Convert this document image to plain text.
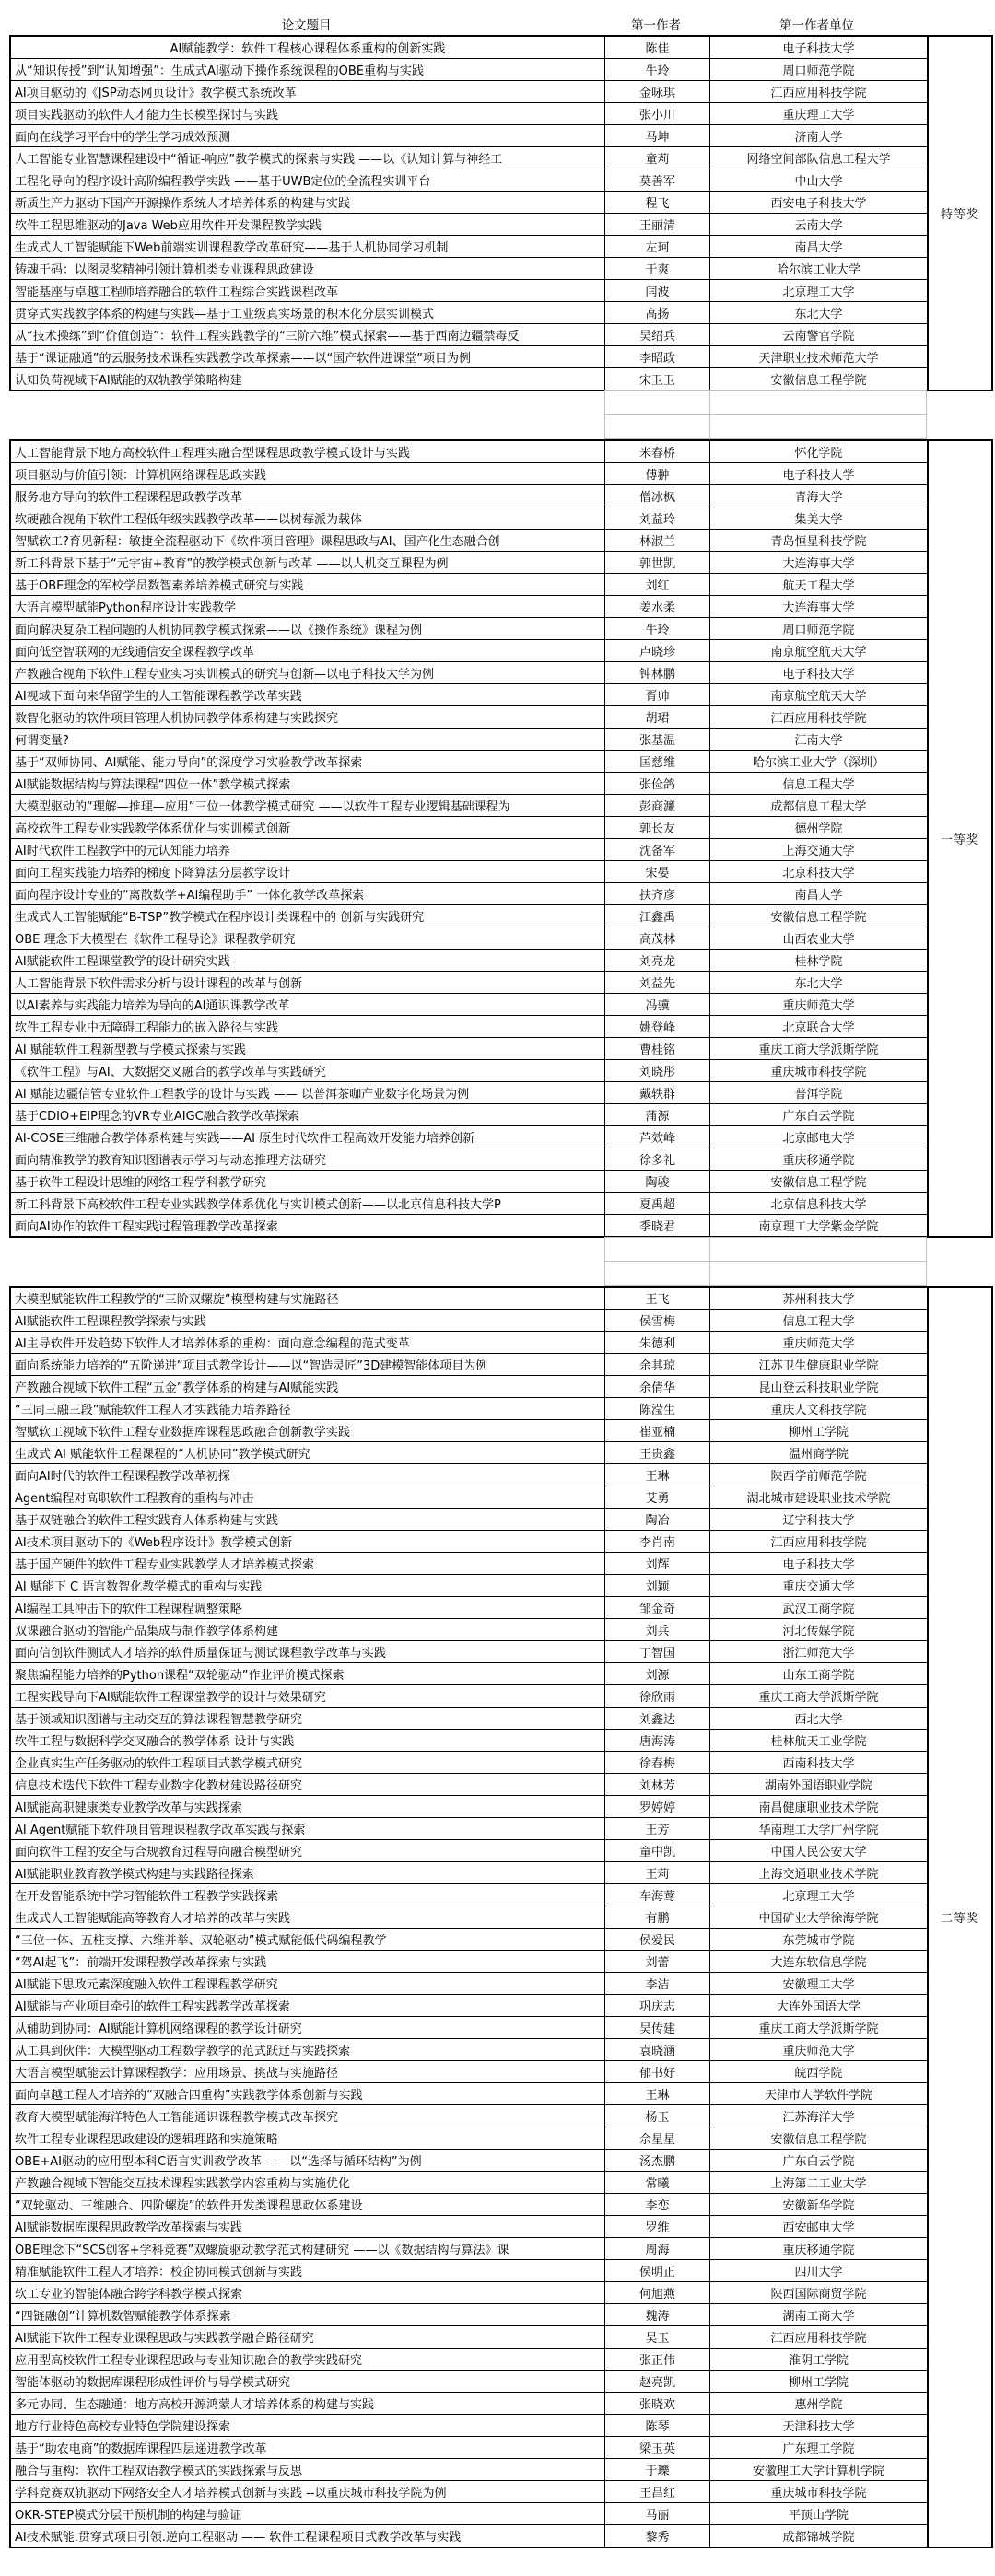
论文题目	第一作者	第一作者单位
AI赋能教学：软件工程核心课程体系重构的创新实践	陈佳	电子科技大学
从“知识传授”到“认知增强”：生成式AI驱动下操作系统课程的OBE重构与实践	牛玲	周口师范学院
AI项目驱动的《JSP动态网页设计》教学模式系统改革	金咏琪	江西应用科技学院
项目实践驱动的软件人才能力生长模型探讨与实践	张小川	重庆理工大学
面向在线学习平台中的学生学习成效预测	马坤	济南大学
人工智能专业智慧课程建设中“循证-响应”教学模式的探索与实践 ——以《认知计算与神经工	童莉	网络空间部队信息工程大学
工程化导向的程序设计高阶编程教学实践 ——基于UWB定位的全流程实训平台	莫善军	中山大学
新质生产力驱动下国产开源操作系统人才培养体系的构建与实践	程飞	西安电子科技大学
软件工程思维驱动的Java Web应用软件开发课程教学实践	王丽清	云南大学
生成式人工智能赋能下Web前端实训课程教学改革研究——基于人机协同学习机制	左珂	南昌大学
铸魂于码：以图灵奖精神引领计算机类专业课程思政建设	于爽	哈尔滨工业大学
智能基座与卓越工程师培养融合的软件工程综合实践课程改革	闫波	北京理工大学
贯穿式实践教学体系的构建与实践—基于工业级真实场景的积木化分层实训模式	高扬	东北大学
从“技术操练”到“价值创造”：软件工程实践教学的“三阶六维”模式探索——基于西南边疆禁毒反	吴绍兵	云南警官学院
基于“课证融通”的云服务技术课程实践教学改革探索——以“国产软件进课堂”项目为例	李昭政	天津职业技术师范大学
认知负荷视域下AI赋能的双轨教学策略构建	宋卫卫	安徽信息工程学院
特等奖
人工智能背景下地方高校软件工程理实融合型课程思政教学模式设计与实践	米春桥	怀化学院
项目驱动与价值引领：计算机网络课程思政实践	傅翀	电子科技大学
服务地方导向的软件工程课程思政教学改革	僧冰枫	青海大学
软硬融合视角下软件工程低年级实践教学改革——以树莓派为载体	刘益玲	集美大学
智赋软工?育见新程：敏捷全流程驱动下《软件项目管理》课程思政与AI、国产化生态融合创	林淑兰	青岛恒星科技学院
新工科背景下基于“元宇宙+教育”的教学模式创新与改革 ——以人机交互课程为例	郭世凯	大连海事大学
基于OBE理念的军校学员数智素养培养模式研究与实践	刘红	航天工程大学
大语言模型赋能Python程序设计实践教学	姜水柔	大连海事大学
面向解决复杂工程问题的人机协同教学模式探索——以《操作系统》课程为例	牛玲	周口师范学院
面向低空智联网的无线通信安全课程教学改革	卢晓珍	南京航空航天大学
产教融合视角下软件工程专业实习实训模式的研究与创新—以电子科技大学为例	钟林鹏	电子科技大学
AI视域下面向来华留学生的人工智能课程教学改革实践	胥帅	南京航空航天大学
数智化驱动的软件项目管理人机协同教学体系构建与实践探究	胡珺	江西应用科技学院
何谓变量?	张基温	江南大学
基于“双师协同、AI赋能、能力导向”的深度学习实验教学改革探索	匡慈维	哈尔滨工业大学（深圳）
AI赋能数据结构与算法课程“四位一体”教学模式探索	张俭鸽	信息工程大学
大模型驱动的“理解—推理—应用”三位一体教学模式研究 ——以软件工程专业逻辑基础课程为	彭商濂	成都信息工程大学
高校软件工程专业实践教学体系优化与实训模式创新	郭长友	德州学院
AI时代软件工程教学中的元认知能力培养	沈备军	上海交通大学
面向工程实践能力培养的梯度下降算法分层教学设计	宋晏	北京科技大学
面向程序设计专业的“离散数学+AI编程助手” 一体化教学改革探索	扶齐彦	南昌大学
生成式人工智能赋能“B-TSP”教学模式在程序设计类课程中的 创新与实践研究	江鑫禹	安徽信息工程学院
OBE 理念下大模型在《软件工程导论》课程教学研究	高茂林	山西农业大学
AI赋能软件工程课堂教学的设计研究实践	刘亮龙	桂林学院
人工智能背景下软件需求分析与设计课程的改革与创新	刘益先	东北大学
以AI素养与实践能力培养为导向的AI通识课教学改革	冯骥	重庆师范大学
软件工程专业中无障碍工程能力的嵌入路径与实践	姚登峰	北京联合大学
AI 赋能软件工程新型教与学模式探索与实践	曹桂铭	重庆工商大学派斯学院
《软件工程》与AI、大数据交叉融合的教学改革与实践研究	刘晓彤	重庆城市科技学院
AI 赋能边疆信管专业软件工程教学的设计与实践 —— 以普洱茶咖产业数字化场景为例	戴轶群	普洱学院
基于CDIO+EIP理念的VR专业AIGC融合教学改革探索	蒲源	广东白云学院
AI-COSE三维融合教学体系构建与实践——AI 原生时代软件工程高效开发能力培养创新	芦效峰	北京邮电大学
面向精准教学的教育知识图谱表示学习与动态推理方法研究	徐多礼	重庆移通学院
基于软件工程设计思维的网络工程学科教学研究	陶骏	安徽信息工程学院
新工科背景下高校软件工程专业实践教学体系优化与实训模式创新——以北京信息科技大学P	夏禹超	北京信息科技大学
面向AI协作的软件工程实践过程管理教学改革探索	季晓君	南京理工大学紫金学院
一等奖
大模型赋能软件工程教学的“三阶双螺旋”模型构建与实施路径	王飞	苏州科技大学
AI赋能软件工程课程教学探索与实践	侯雪梅	信息工程大学
AI主导软件开发趋势下软件人才培养体系的重构：面向意念编程的范式变革	朱德利	重庆师范大学
面向系统能力培养的“五阶递进”项目式教学设计——以“智造灵匠”3D建模智能体项目为例	余其琼	江苏卫生健康职业学院
产教融合视域下软件工程“五金”教学体系的构建与AI赋能实践	余倩华	昆山登云科技职业学院
“三同三融三段”赋能软件工程人才实践能力培养路径	陈滢生	重庆人文科技学院
智赋软工视域下软件工程专业数据库课程思政融合创新教学实践	崔亚楠	柳州工学院
生成式 AI 赋能软件工程课程的“人机协同”教学模式研究	王贵鑫	温州商学院
面向AI时代的软件工程课程教学改革初探	王琳	陕西学前师范学院
Agent编程对高职软件工程教育的重构与冲击	艾勇	湖北城市建设职业技术学院
基于双链融合的软件工程实践育人体系构建与实践	陶冶	辽宁科技大学
AI技术项目驱动下的《Web程序设计》教学模式创新	李肖南	江西应用科技学院
基于国产硬件的软件工程专业实践教学人才培养模式探索	刘辉	电子科技大学
AI 赋能下 C 语言数智化教学模式的重构与实践	刘颖	重庆交通大学
AI编程工具冲击下的软件工程课程调整策略	邹金奇	武汉工商学院
双课融合驱动的智能产品集成与制作教学体系构建	刘兵	河北传媒学院
面向信创软件测试人才培养的软件质量保证与测试课程教学改革与实践	丁智国	浙江师范大学
聚焦编程能力培养的Python课程“双轮驱动”作业评价模式探索	刘源	山东工商学院
工程实践导向下AI赋能软件工程课堂教学的设计与效果研究	徐欣雨	重庆工商大学派斯学院
基于领域知识图谱与主动交互的算法课程智慧教学研究	刘鑫达	西北大学
软件工程与数据科学交叉融合的教学体系 设计与实践	唐海涛	桂林航天工业学院
企业真实生产任务驱动的软件工程项目式教学模式研究	徐春梅	西南科技大学
信息技术迭代下软件工程专业数字化教材建设路径研究	刘林芳	湖南外国语职业学院
AI赋能高职健康类专业教学改革与实践探索	罗婷婷	南昌健康职业技术学院
AI Agent赋能下软件项目管理课程教学改革实践与探索	王芳	华南理工大学广州学院
面向软件工程的安全与合规教育过程导向融合模型研究	童中凯	中国人民公安大学
AI赋能职业教育教学模式构建与实践路径探索	王莉	上海交通职业技术学院
在开发智能系统中学习智能软件工程教学实践探索	车海莺	北京理工大学
生成式人工智能赋能高等教育人才培养的改革与实践	有鹏	中国矿业大学徐海学院
“三位一体、五柱支撑、六维并举、双轮驱动”模式赋能低代码编程教学	侯爱民	东莞城市学院
“驾AI起飞”：前端开发课程教学改革探索与实践	刘蕾	大连东软信息学院
AI赋能下思政元素深度融入软件工程课程教学研究	李洁	安徽理工大学
AI赋能与产业项目牵引的软件工程实践教学改革探索	巩庆志	大连外国语大学
从辅助到协同：AI赋能计算机网络课程的教学设计研究	吴传建	重庆工商大学派斯学院
从工具到伙伴：大模型驱动工程数学教学的范式跃迁与实践探索	袁晓涵	重庆师范大学
大语言模型赋能云计算课程教学：应用场景、挑战与实施路径	郁书好	皖西学院
面向卓越工程人才培养的“双融合四重构”实践教学体系创新与实践	王琳	天津市大学软件学院
教育大模型赋能海洋特色人工智能通识课程教学模式改革探究	杨玉	江苏海洋大学
软件工程专业课程思政建设的逻辑理路和实施策略	佘星星	安徽信息工程学院
OBE+AI驱动的应用型本科C语言实训教学改革 ——以“选择与循环结构”为例	汤杰鹏	广东白云学院
产教融合视域下智能交互技术课程实践教学内容重构与实施优化	常曦	上海第二工业大学
“双轮驱动、三维融合、四阶螺旋”的软件开发类课程思政体系建设	李恋	安徽新华学院
AI赋能数据库课程思政教学改革探索与实践	罗维	西安邮电大学
OBE理念下“SCS创客+学科竞赛”双螺旋驱动教学范式构建研究 ——以《数据结构与算法》课	周海	重庆移通学院
精准赋能软件工程人才培养：校企协同模式创新与实践	侯明正	四川大学
软工专业的智能体融合跨学科教学模式探索	何旭燕	陕西国际商贸学院
“四链融创”计算机数智赋能教学体系探索	魏涛	湖南工商大学
AI赋能下软件工程专业课程思政与实践教学融合路径研究	吴玉	江西应用科技学院
应用型高校软件工程专业课程思政与专业知识融合的教学实践研究	张正伟	淮阴工学院
智能体驱动的数据库课程形成性评价与导学模式研究	赵亮凯	柳州工学院
多元协同、生态融通：地方高校开源鸿蒙人才培养体系的构建与实践	张晓欢	惠州学院
地方行业特色高校专业特色学院建设探索	陈琴	天津科技大学
基于“助农电商”的数据库课程四层递进教学改革	梁玉英	广东理工学院
融合与重构：软件工程双语教学模式的实践探索与反思	于瓅	安徽理工大学计算机学院
学科竞赛双轨驱动下网络安全人才培养模式创新与实践 --以重庆城市科技学院为例	王昌红	重庆城市科技学院
OKR-STEP模式分层干预机制的构建与验证	马丽	平顶山学院
AI技术赋能.贯穿式项目引领.逆向工程驱动 —— 软件工程课程项目式教学改革与实践	黎秀	成都锦城学院
二等奖
